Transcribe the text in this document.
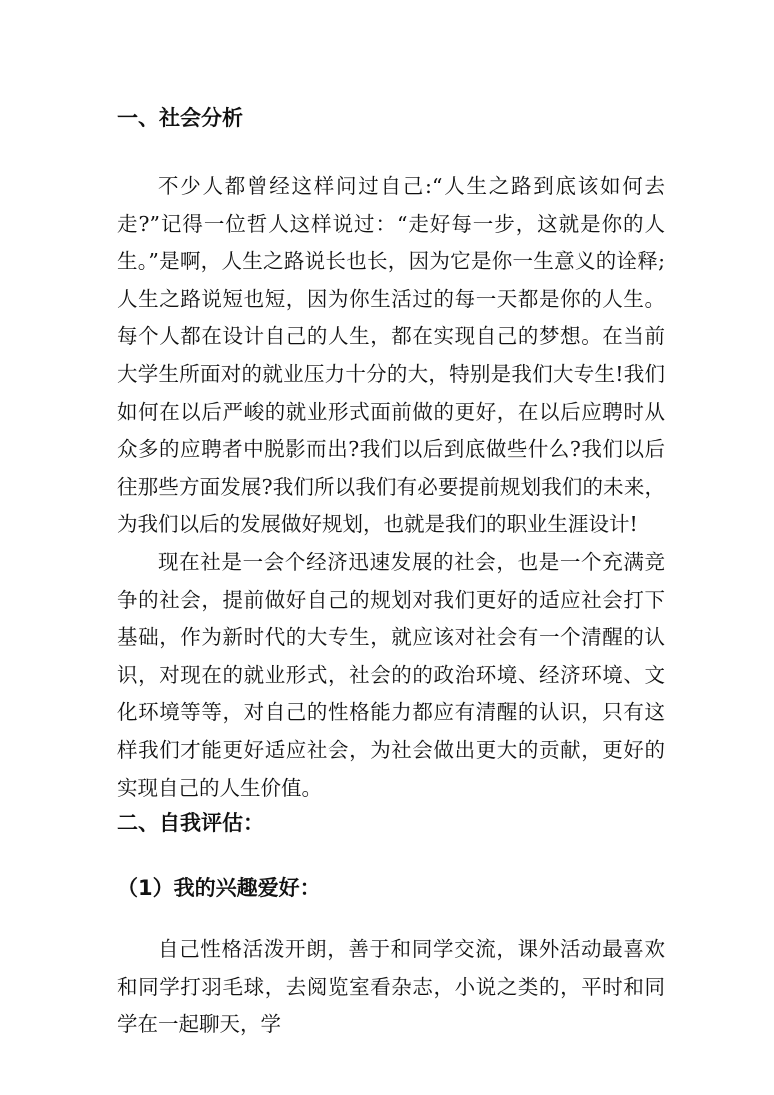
一、社会分析

不少人都曾经这样问过自己:“人生之路到底该如何去走?”记得一位哲人这样说过：“走好每一步，这就是你的人生。”是啊，人生之路说长也长，因为它是你一生意义的诠释;人生之路说短也短，因为你生活过的每一天都是你的人生。每个人都在设计自己的人生，都在实现自己的梦想。在当前大学生所面对的就业压力十分的大，特别是我们大专生!我们如何在以后严峻的就业形式面前做的更好，在以后应聘时从众多的应聘者中脱影而出?我们以后到底做些什么?我们以后往那些方面发展?我们所以我们有必要提前规划我们的未来，为我们以后的发展做好规划，也就是我们的职业生涯设计!

现在社是一会个经济迅速发展的社会，也是一个充满竞争的社会，提前做好自己的规划对我们更好的适应社会打下基础，作为新时代的大专生，就应该对社会有一个清醒的认识，对现在的就业形式，社会的的政治环境、经济环境、文化环境等等，对自己的性格能力都应有清醒的认识，只有这样我们才能更好适应社会，为社会做出更大的贡献，更好的实现自己的人生价值。

二、自我评估：
（1）我的兴趣爱好：

自己性格活泼开朗，善于和同学交流，课外活动最喜欢和同学打羽毛球，去阅览室看杂志，小说之类的，平时和同学在一起聊天，学
